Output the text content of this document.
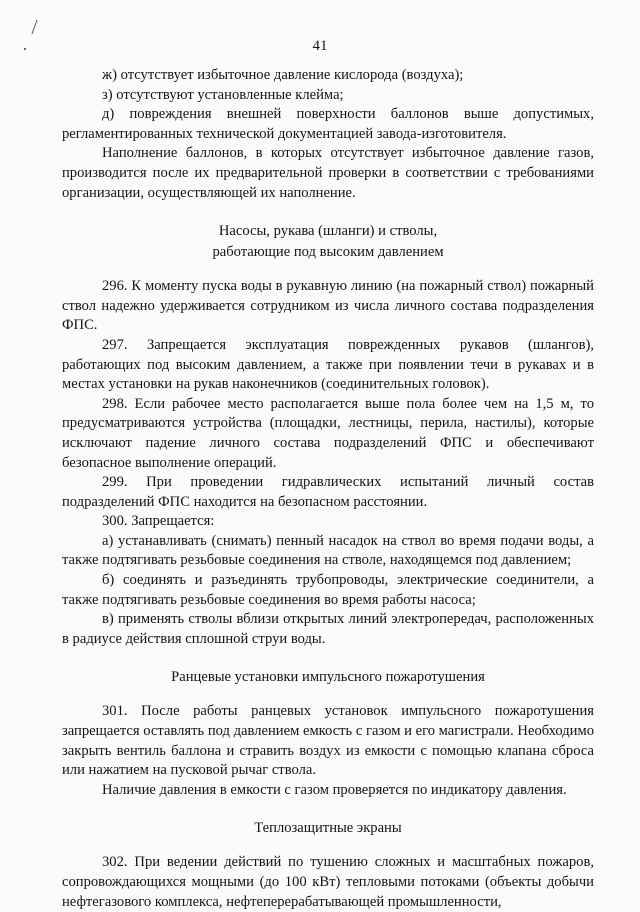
41

ж) отсутствует избыточное давление кислорода (воздуха);

з) отсутствуют установленные клейма;

д) повреждения внешней поверхности баллонов выше допустимых, регламентированных технической документацией завода-изготовителя.

Наполнение баллонов, в которых отсутствует избыточное давление газов, производится после их предварительной проверки в соответствии с требованиями организации, осуществляющей их наполнение.

Насосы, рукава (шланги) и стволы,
работающие под высоким давлением

296. К моменту пуска воды в рукавную линию (на пожарный ствол) пожарный ствол надежно удерживается сотрудником из числа личного состава подразделения ФПС.

297. Запрещается эксплуатация поврежденных рукавов (шлангов), работающих под высоким давлением, а также при появлении течи в рукавах и в местах установки на рукав наконечников (соединительных головок).

298. Если рабочее место располагается выше пола более чем на 1,5 м, то предусматриваются устройства (площадки, лестницы, перила, настилы), которые исключают падение личного состава подразделений ФПС и обеспечивают безопасное выполнение операций.

299. При проведении гидравлических испытаний личный состав подразделений ФПС находится на безопасном расстоянии.

300. Запрещается:

а) устанавливать (снимать) пенный насадок на ствол во время подачи воды, а также подтягивать резьбовые соединения на стволе, находящемся под давлением;

б) соединять и разъединять трубопроводы, электрические соединители, а также подтягивать резьбовые соединения во время работы насоса;

в) применять стволы вблизи открытых линий электропередач, расположенных в радиусе действия сплошной струи воды.

Ранцевые установки импульсного пожаротушения

301. После работы ранцевых установок импульсного пожаротушения запрещается оставлять под давлением емкость с газом и его магистрали. Необходимо закрыть вентиль баллона и стравить воздух из емкости с помощью клапана сброса или нажатием на пусковой рычаг ствола.

Наличие давления в емкости с газом проверяется по индикатору давления.

Теплозащитные экраны

302. При ведении действий по тушению сложных и масштабных пожаров, сопровождающихся мощными (до 100 кВт) тепловыми потоками (объекты добычи нефтегазового комплекса, нефтеперерабатывающей промышленности,
